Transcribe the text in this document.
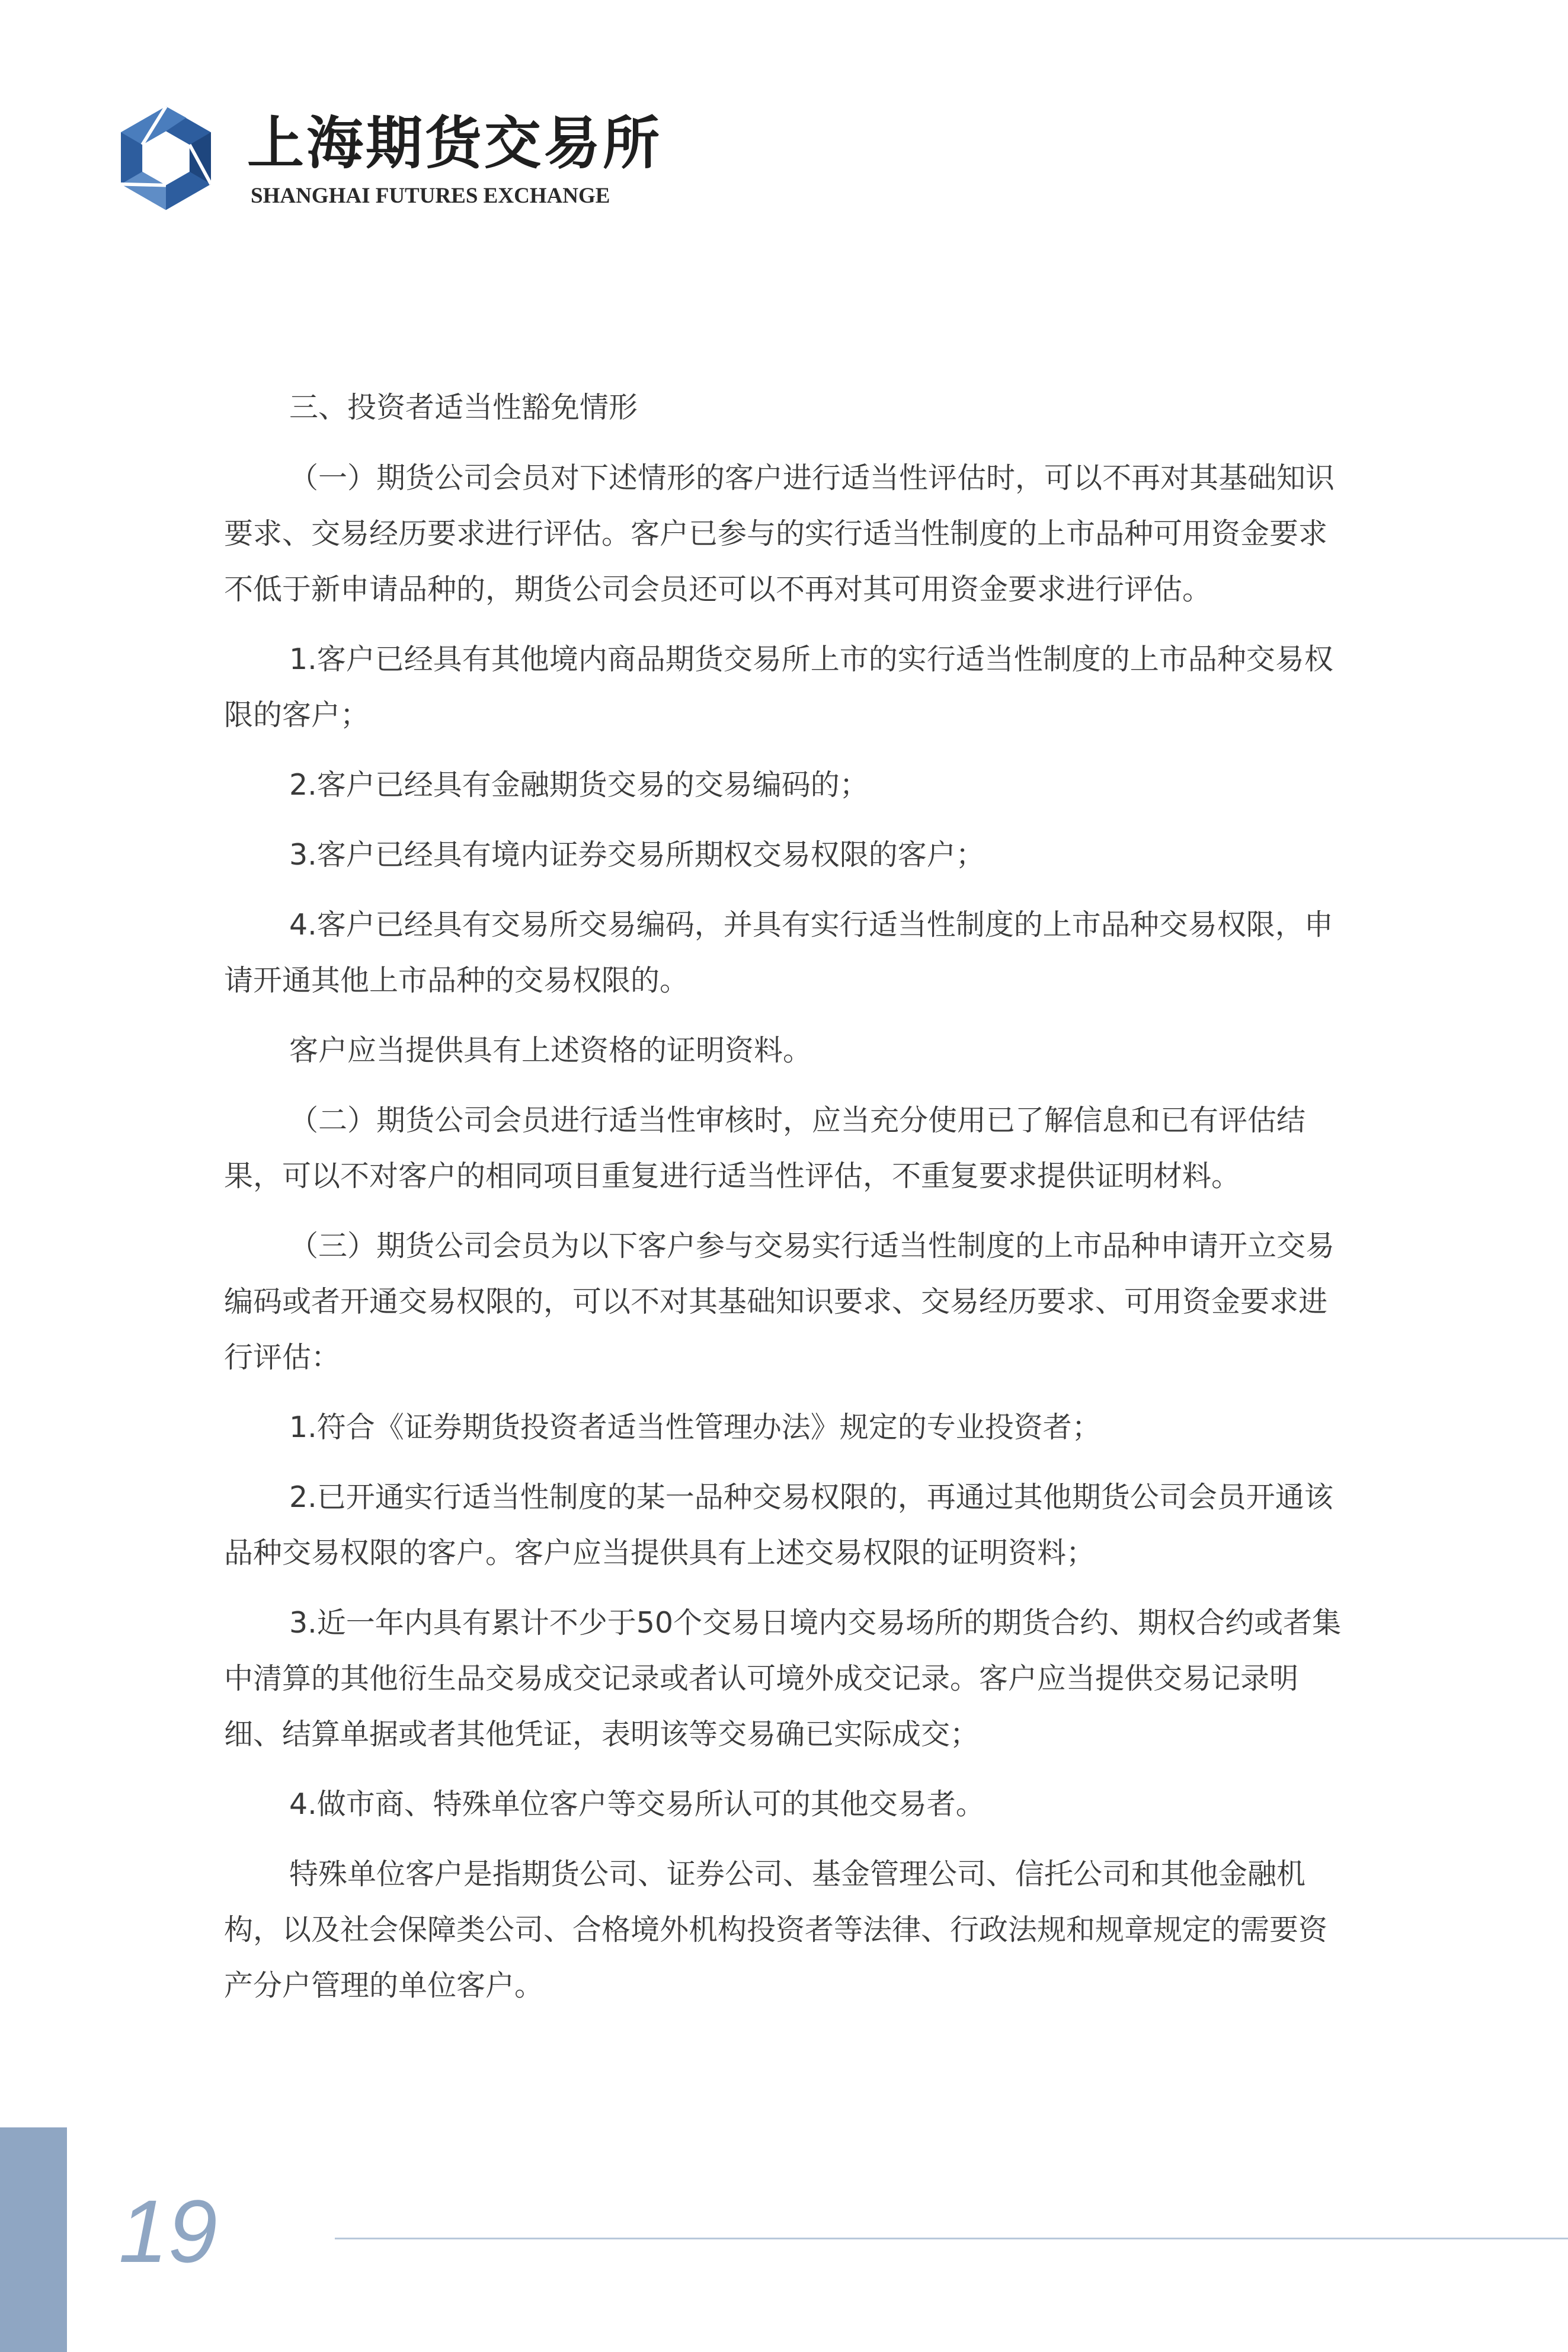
上海期货交易所
SHANGHAI FUTURES EXCHANGE
三、投资者适当性豁免情形

（一）期货公司会员对下述情形的客户进行适当性评估时，可以不再对其基础知识要求、交易经历要求进行评估。客户已参与的实行适当性制度的上市品种可用资金要求不低于新申请品种的，期货公司会员还可以不再对其可用资金要求进行评估。

1.客户已经具有其他境内商品期货交易所上市的实行适当性制度的上市品种交易权限的客户；

2.客户已经具有金融期货交易的交易编码的；

3.客户已经具有境内证券交易所期权交易权限的客户；

4.客户已经具有交易所交易编码，并具有实行适当性制度的上市品种交易权限，申请开通其他上市品种的交易权限的。

客户应当提供具有上述资格的证明资料。

（二）期货公司会员进行适当性审核时，应当充分使用已了解信息和已有评估结果，可以不对客户的相同项目重复进行适当性评估，不重复要求提供证明材料。

（三）期货公司会员为以下客户参与交易实行适当性制度的上市品种申请开立交易编码或者开通交易权限的，可以不对其基础知识要求、交易经历要求、可用资金要求进行评估：

1.符合《证券期货投资者适当性管理办法》规定的专业投资者；

2.已开通实行适当性制度的某一品种交易权限的，再通过其他期货公司会员开通该品种交易权限的客户。客户应当提供具有上述交易权限的证明资料；

3.近一年内具有累计不少于50个交易日境内交易场所的期货合约、期权合约或者集中清算的其他衍生品交易成交记录或者认可境外成交记录。客户应当提供交易记录明细、结算单据或者其他凭证，表明该等交易确已实际成交；

4.做市商、特殊单位客户等交易所认可的其他交易者。

特殊单位客户是指期货公司、证券公司、基金管理公司、信托公司和其他金融机构，以及社会保障类公司、合格境外机构投资者等法律、行政法规和规章规定的需要资产分户管理的单位客户。

19
